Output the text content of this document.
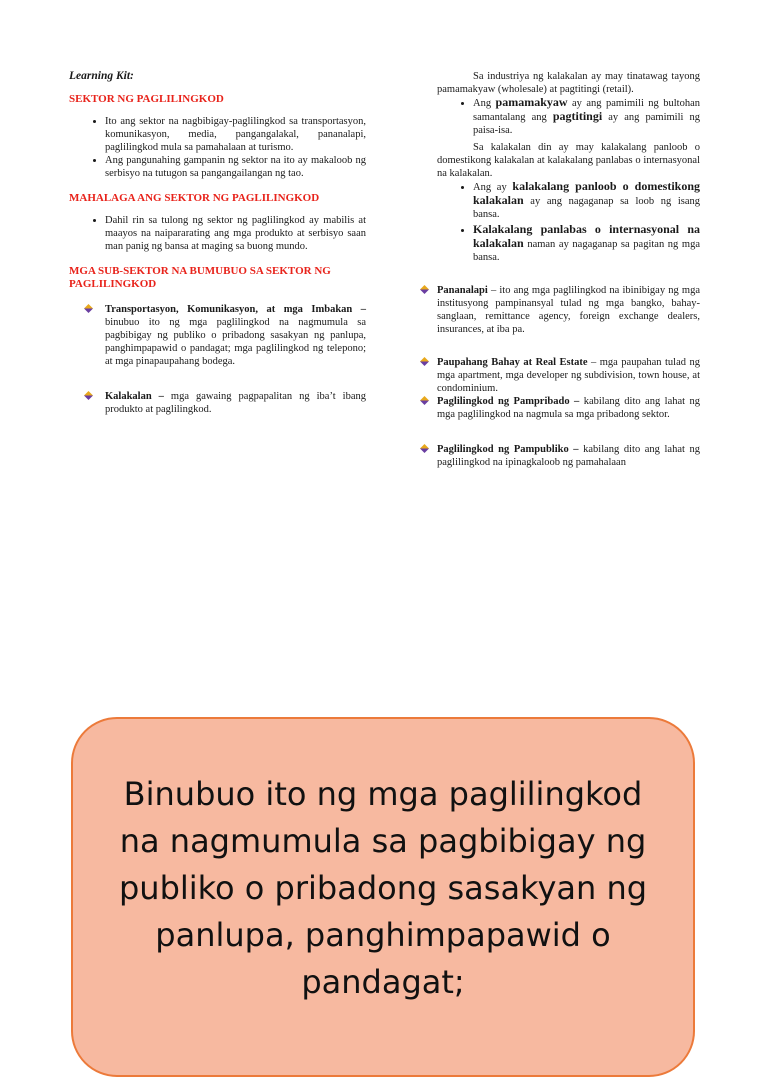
Learning Kit:
SEKTOR NG PAGLILINGKOD
• Ito ang sektor na nagbibigay-paglilingkod sa transportasyon, komunikasyon, media, pangangalakal, pananalapi, paglilingkod mula sa pamahalaan at turismo.
• Ang pangunahing gampanin ng sektor na ito ay makaloob ng serbisyo na tutugon sa pangangailangan ng tao.
MAHALAGA ANG SEKTOR NG PAGLILINGKOD
• Dahil rin sa tulong ng sektor ng paglilingkod ay mabilis at maayos na naipararating ang mga produkto at serbisyo saan man panig ng bansa at maging sa buong mundo.
MGA SUB-SEKTOR NA BUMUBUO SA SEKTOR NG PAGLILINGKOD
Transportasyon, Komunikasyon, at mga Imbakan – binubuo ito ng mga paglilingkod na nagmumula sa pagbibigay ng publiko o pribadong sasakyan ng panlupa, panghimpapawid o pandagat; mga paglilingkod ng telepono; at mga pinapaupahang bodega.
Kalakalan – mga gawaing pagpapalitan ng iba’t ibang produkto at paglilingkod.

Sa industriya ng kalakalan ay may tinatawag tayong pamamakyaw (wholesale) at pagtitingi (retail).

• Ang pamamakyaw ay ang pamimili ng bultohan samantalang ang pagtitingi ay ang pamimili ng paisa-isa.

Sa kalakalan din ay may kalakalang panloob o domestikong kalakalan at kalakalang panlabas o internasyonal na kalakalan.

• Ang ay kalakalang panloob o domestikong kalakalan ay ang nagaganap sa loob ng isang bansa.
• Kalakalang panlabas o internasyonal na kalakalan naman ay nagaganap sa pagitan ng mga bansa.
Pananalapi – ito ang mga paglilingkod na ibinibigay ng mga institusyong pampinansyal tulad ng mga bangko, bahay-sanglaan, remittance agency, foreign exchange dealers, insurances, at iba pa.
Paupahang Bahay at Real Estate – mga paupahan tulad ng mga apartment, mga developer ng subdivision, town house, at condominium.
Paglilingkod ng Pampribado – kabilang dito ang lahat ng mga paglilingkod na nagmula sa mga pribadong sektor.
Paglilingkod ng Pampubliko – kabilang dito ang lahat ng paglilingkod na ipinagkaloob ng pamahalaan
Binubuo ito ng mga paglilingkod na nagmumula sa pagbibigay ng publiko o pribadong sasakyan ng panlupa, panghimpapawid o pandagat;
